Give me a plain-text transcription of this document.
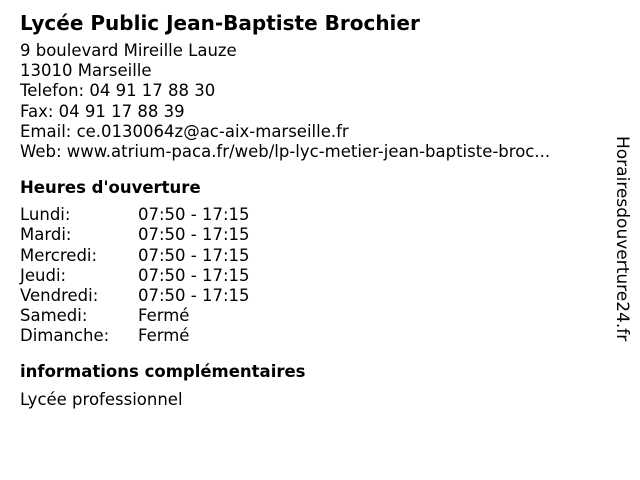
Lycée Public Jean-Baptiste Brochier
9 boulevard Mireille Lauze
13010 Marseille
Telefon: 04 91 17 88 30
Fax: 04 91 17 88 39
Email: ce.0130064z@ac-aix-marseille.fr
Web: www.atrium-paca.fr/web/lp-lyc-metier-jean-baptiste-broc...
Heures d'ouverture
Lundi:	07:50 - 17:15
Mardi:	07:50 - 17:15
Mercredi:	07:50 - 17:15
Jeudi:	07:50 - 17:15
Vendredi:	07:50 - 17:15
Samedi:	Fermé
Dimanche:	Fermé
informations complémentaires
Lycée professionnel
Horairesdouverture24.fr
